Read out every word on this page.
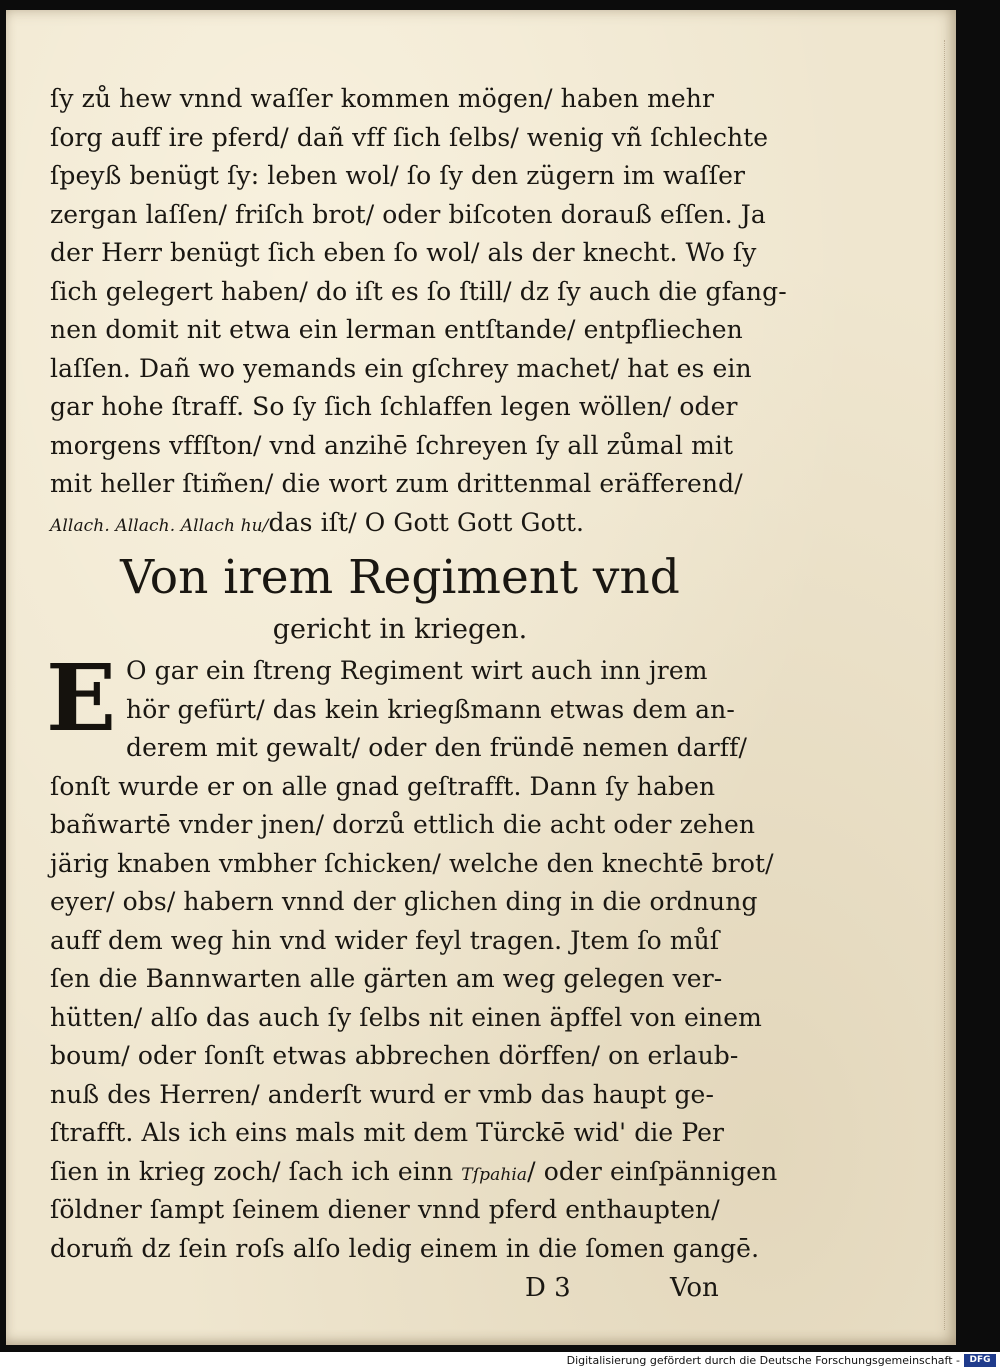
ſy zů hew vnnd waſſer kommen mögen/ haben mehr
ſorg auff ire pferd/ dañ vff ſich ſelbs/ wenig vñ ſchlechte
ſpeyß benügt ſy: leben wol/ ſo ſy den zügern im waſſer
zergan laſſen/ friſch brot/ oder biſcoten dorauß eſſen. Ja
der Herr benügt ſich eben ſo wol/ als der knecht. Wo ſy
ſich gelegert haben/ do iſt es ſo ſtill/ dz ſy auch die gfang-
nen domit nit etwa ein lerman entſtande/ entpfliechen
laſſen. Dañ wo yemands ein gſchrey machet/ hat es ein
gar hohe ſtraff. So ſy ſich ſchlaffen legen wöllen/ oder
morgens vffſton/ vnd anzihē ſchreyen ſy all zůmal mit
mit heller ſtim̃en/ die wort zum drittenmal eräfferend/
Allach. Allach. Allach hu/das iſt/ O Gott Gott Gott.
Von irem Regiment vnd
gericht in kriegen.
E O gar ein ſtreng Regiment wirt auch inn jrem
hör gefürt/ das kein kriegßmann etwas dem an-
derem mit gewalt/ oder den fründē nemen darff/
ſonſt wurde er on alle gnad geſtrafft. Dann ſy haben
bañwartē vnder jnen/ dorzů ettlich die acht oder zehen
järig knaben vmbher ſchicken/ welche den knechtē brot/
eyer/ obs/ habern vnnd der glichen ding in die ordnung
auff dem weg hin vnd wider feyl tragen. Jtem ſo můſ
ſen die Bannwarten alle gärten am weg gelegen ver-
hütten/ alſo das auch ſy ſelbs nit einen äpffel von einem
boum/ oder ſonſt etwas abbrechen dörffen/ on erlaub-
nuß des Herren/ anderſt wurd er vmb das haupt ge-
ſtrafft. Als ich eins mals mit dem Türckē wid' die Per
ſien in krieg zoch/ ſach ich einn Tſpahia/ oder einſpännigen
ſöldner ſampt ſeinem diener vnnd pferd enthaupten/
dorum̃ dz ſein roſs alſo ledig einem in die ſomen gangē.
D 3	Von
Digitalisierung gefördert durch die Deutsche Forschungsgemeinschaft -	DFG
